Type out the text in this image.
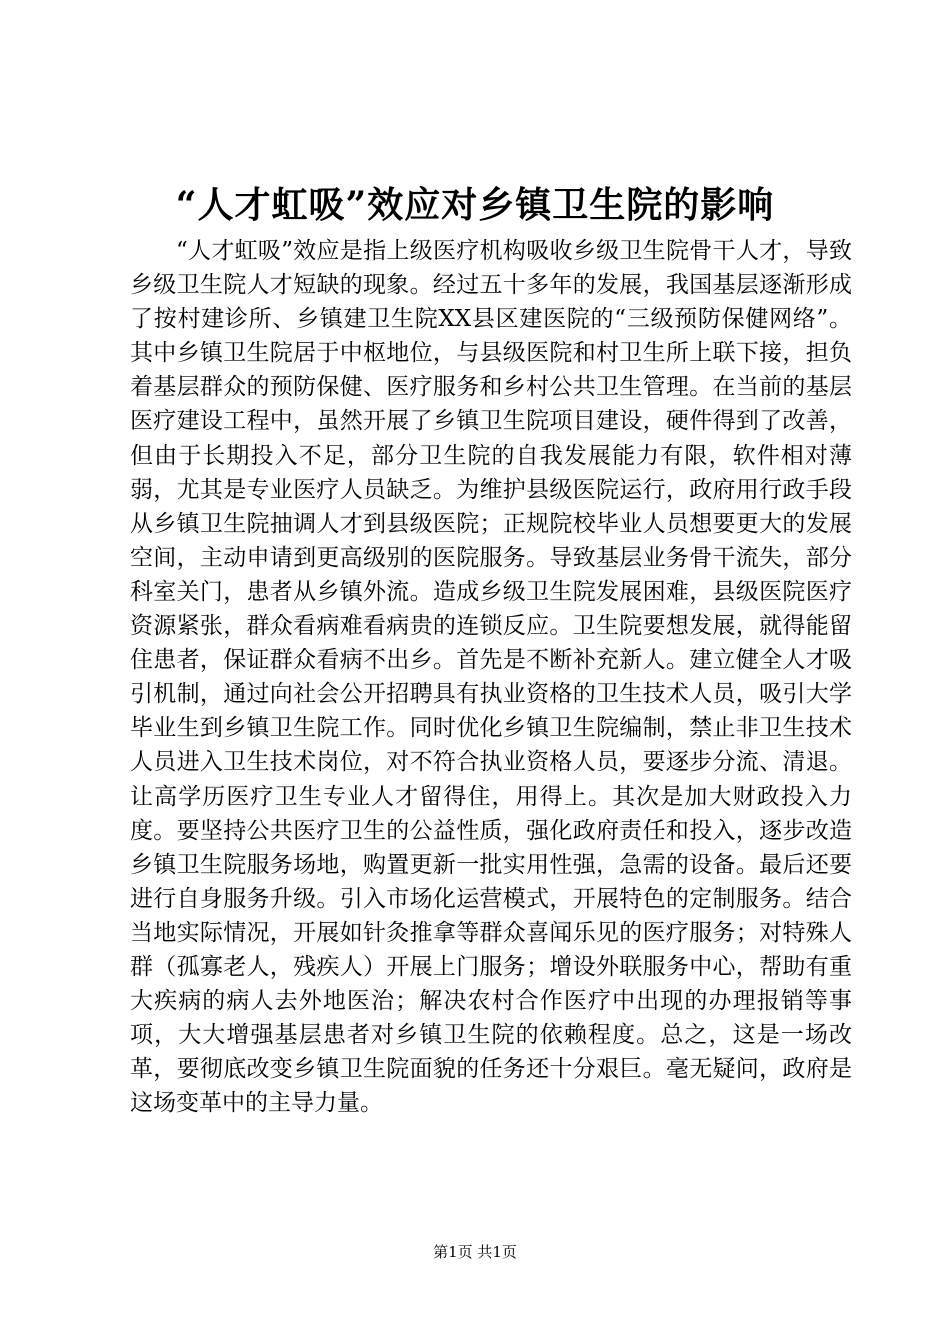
“人才虹吸”效应对乡镇卫生院的影响

“人才虹吸”效应是指上级医疗机构吸收乡级卫生院骨干人才，导致乡级卫生院人才短缺的现象。经过五十多年的发展，我国基层逐渐形成了按村建诊所、乡镇建卫生院XX县区建医院的“三级预防保健网络”。其中乡镇卫生院居于中枢地位，与县级医院和村卫生所上联下接，担负着基层群众的预防保健、医疗服务和乡村公共卫生管理。在当前的基层医疗建设工程中，虽然开展了乡镇卫生院项目建设，硬件得到了改善，但由于长期投入不足，部分卫生院的自我发展能力有限，软件相对薄弱，尤其是专业医疗人员缺乏。为维护县级医院运行，政府用行政手段从乡镇卫生院抽调人才到县级医院；正规院校毕业人员想要更大的发展空间，主动申请到更高级别的医院服务。导致基层业务骨干流失，部分科室关门，患者从乡镇外流。造成乡级卫生院发展困难，县级医院医疗资源紧张，群众看病难看病贵的连锁反应。卫生院要想发展，就得能留住患者，保证群众看病不出乡。首先是不断补充新人。建立健全人才吸引机制，通过向社会公开招聘具有执业资格的卫生技术人员，吸引大学毕业生到乡镇卫生院工作。同时优化乡镇卫生院编制，禁止非卫生技术人员进入卫生技术岗位，对不符合执业资格人员，要逐步分流、清退。让高学历医疗卫生专业人才留得住，用得上。其次是加大财政投入力度。要坚持公共医疗卫生的公益性质，强化政府责任和投入，逐步改造乡镇卫生院服务场地，购置更新一批实用性强，急需的设备。最后还要进行自身服务升级。引入市场化运营模式，开展特色的定制服务。结合当地实际情况，开展如针灸推拿等群众喜闻乐见的医疗服务；对特殊人群（孤寡老人，残疾人）开展上门服务；增设外联服务中心，帮助有重大疾病的病人去外地医治；解决农村合作医疗中出现的办理报销等事项，大大增强基层患者对乡镇卫生院的依赖程度。总之，这是一场改革，要彻底改变乡镇卫生院面貌的任务还十分艰巨。毫无疑问，政府是这场变革中的主导力量。

第1页 共1页
